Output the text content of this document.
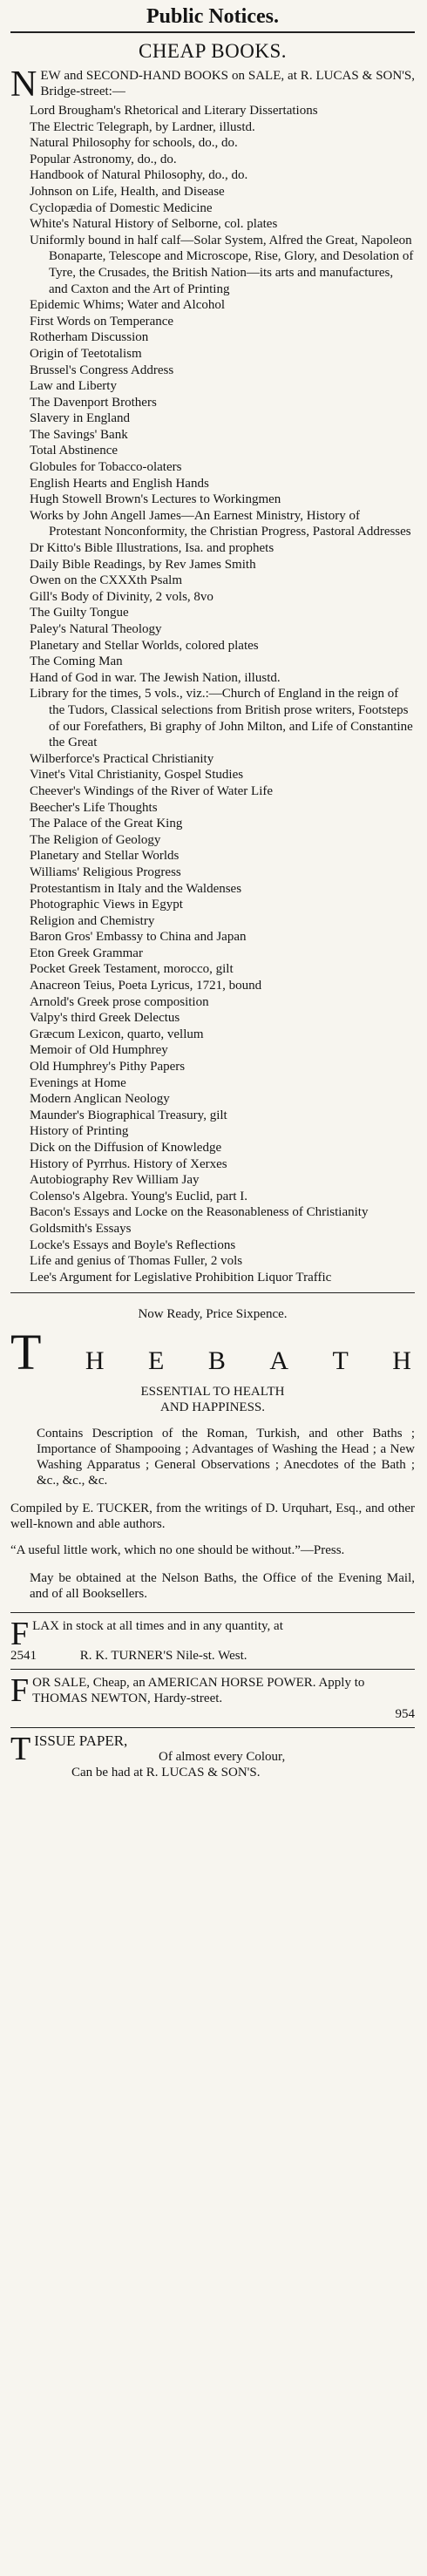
Public Notices.
CHEAP BOOKS.
N EW and SECOND-HAND BOOKS on SALE, at R. LUCAS & SON'S, Bridge-street:—
Lord Brougham's Rhetorical and Literary Dissertations
The Electric Telegraph, by Lardner, illustd.
Natural Philosophy for schools, do., do.
Popular Astronomy, do., do.
Handbook of Natural Philosophy, do., do.
Johnson on Life, Health, and Disease
Cyclopædia of Domestic Medicine
White's Natural History of Selborne, col. plates
Uniformly bound in half calf—Solar System, Alfred the Great, Napoleon Bonaparte, Telescope and Microscope, Rise, Glory, and Desolation of Tyre, the Crusades, the British Nation—its arts and manufactures, and Caxton and the Art of Printing
Epidemic Whims; Water and Alcohol
First Words on Temperance
Rotherham Discussion
Origin of Teetotalism
Brussel's Congress Address
Law and Liberty
The Davenport Brothers
Slavery in England
The Savings' Bank
Total Abstinence
Globules for Tobacco-olaters
English Hearts and English Hands
Hugh Stowell Brown's Lectures to Workingmen
Works by John Angell James—An Earnest Ministry, History of Protestant Nonconformity, the Christian Progress, Pastoral Addresses
Dr Kitto's Bible Illustrations, Isa. and prophets
Daily Bible Readings, by Rev James Smith
Owen on the CXXXth Psalm
Gill's Body of Divinity, 2 vols, 8vo
The Guilty Tongue
Paley's Natural Theology
Planetary and Stellar Worlds, colored plates
The Coming Man
Hand of God in war. The Jewish Nation, illustd.
Library for the times, 5 vols., viz.:—Church of England in the reign of the Tudors, Classical selections from British prose writers, Footsteps of our Forefathers, Bi graphy of John Milton, and Life of Constantine the Great
Wilberforce's Practical Christianity
Vinet's Vital Christianity, Gospel Studies
Cheever's Windings of the River of Water Life
Beecher's Life Thoughts
The Palace of the Great King
The Religion of Geology
Planetary and Stellar Worlds
Williams' Religious Progress
Protestantism in Italy and the Waldenses
Photographic Views in Egypt
Religion and Chemistry
Baron Gros' Embassy to China and Japan
Eton Greek Grammar
Pocket Greek Testament, morocco, gilt
Anacreon Teius, Poeta Lyricus, 1721, bound
Arnold's Greek prose composition
Valpy's third Greek Delectus
Græcum Lexicon, quarto, vellum
Memoir of Old Humphrey
Old Humphrey's Pithy Papers
Evenings at Home
Modern Anglican Neology
Maunder's Biographical Treasury, gilt
History of Printing
Dick on the Diffusion of Knowledge
History of Pyrrhus. History of Xerxes
Autobiography Rev William Jay
Colenso's Algebra. Young's Euclid, part I.
Bacon's Essays and Locke on the Reasonableness of Christianity
Goldsmith's Essays
Locke's Essays and Boyle's Reflections
Life and genius of Thomas Fuller, 2 vols
Lee's Argument for Legislative Prohibition Liquor Traffic
Now Ready, Price Sixpence.
T H E B A T H
ESSENTIAL TO HEALTH
AND HAPPINESS.
Contains Description of the Roman, Turkish, and other Baths ; Importance of Shampooing ; Advantages of Washing the Head ; a New Washing Apparatus ; General Observations ; Anecdotes of the Bath ; &c., &c., &c.
Compiled by E. TUCKER, from the writings of D. Urquhart, Esq., and other well-known and able authors.
“A useful little work, which no one should be without.”—Press.
May be obtained at the Nelson Baths, the Office of the Evening Mail, and of all Booksellers.
F LAX in stock at all times and in any quantity, at
2541	R. K. TURNER'S Nile-st. West.
F OR SALE, Cheap, an AMERICAN HORSE POWER. Apply to THOMAS NEWTON, Hardy-street.
954
T ISSUE PAPER,
Of almost every Colour,
Can be had at R. LUCAS & SON'S.
